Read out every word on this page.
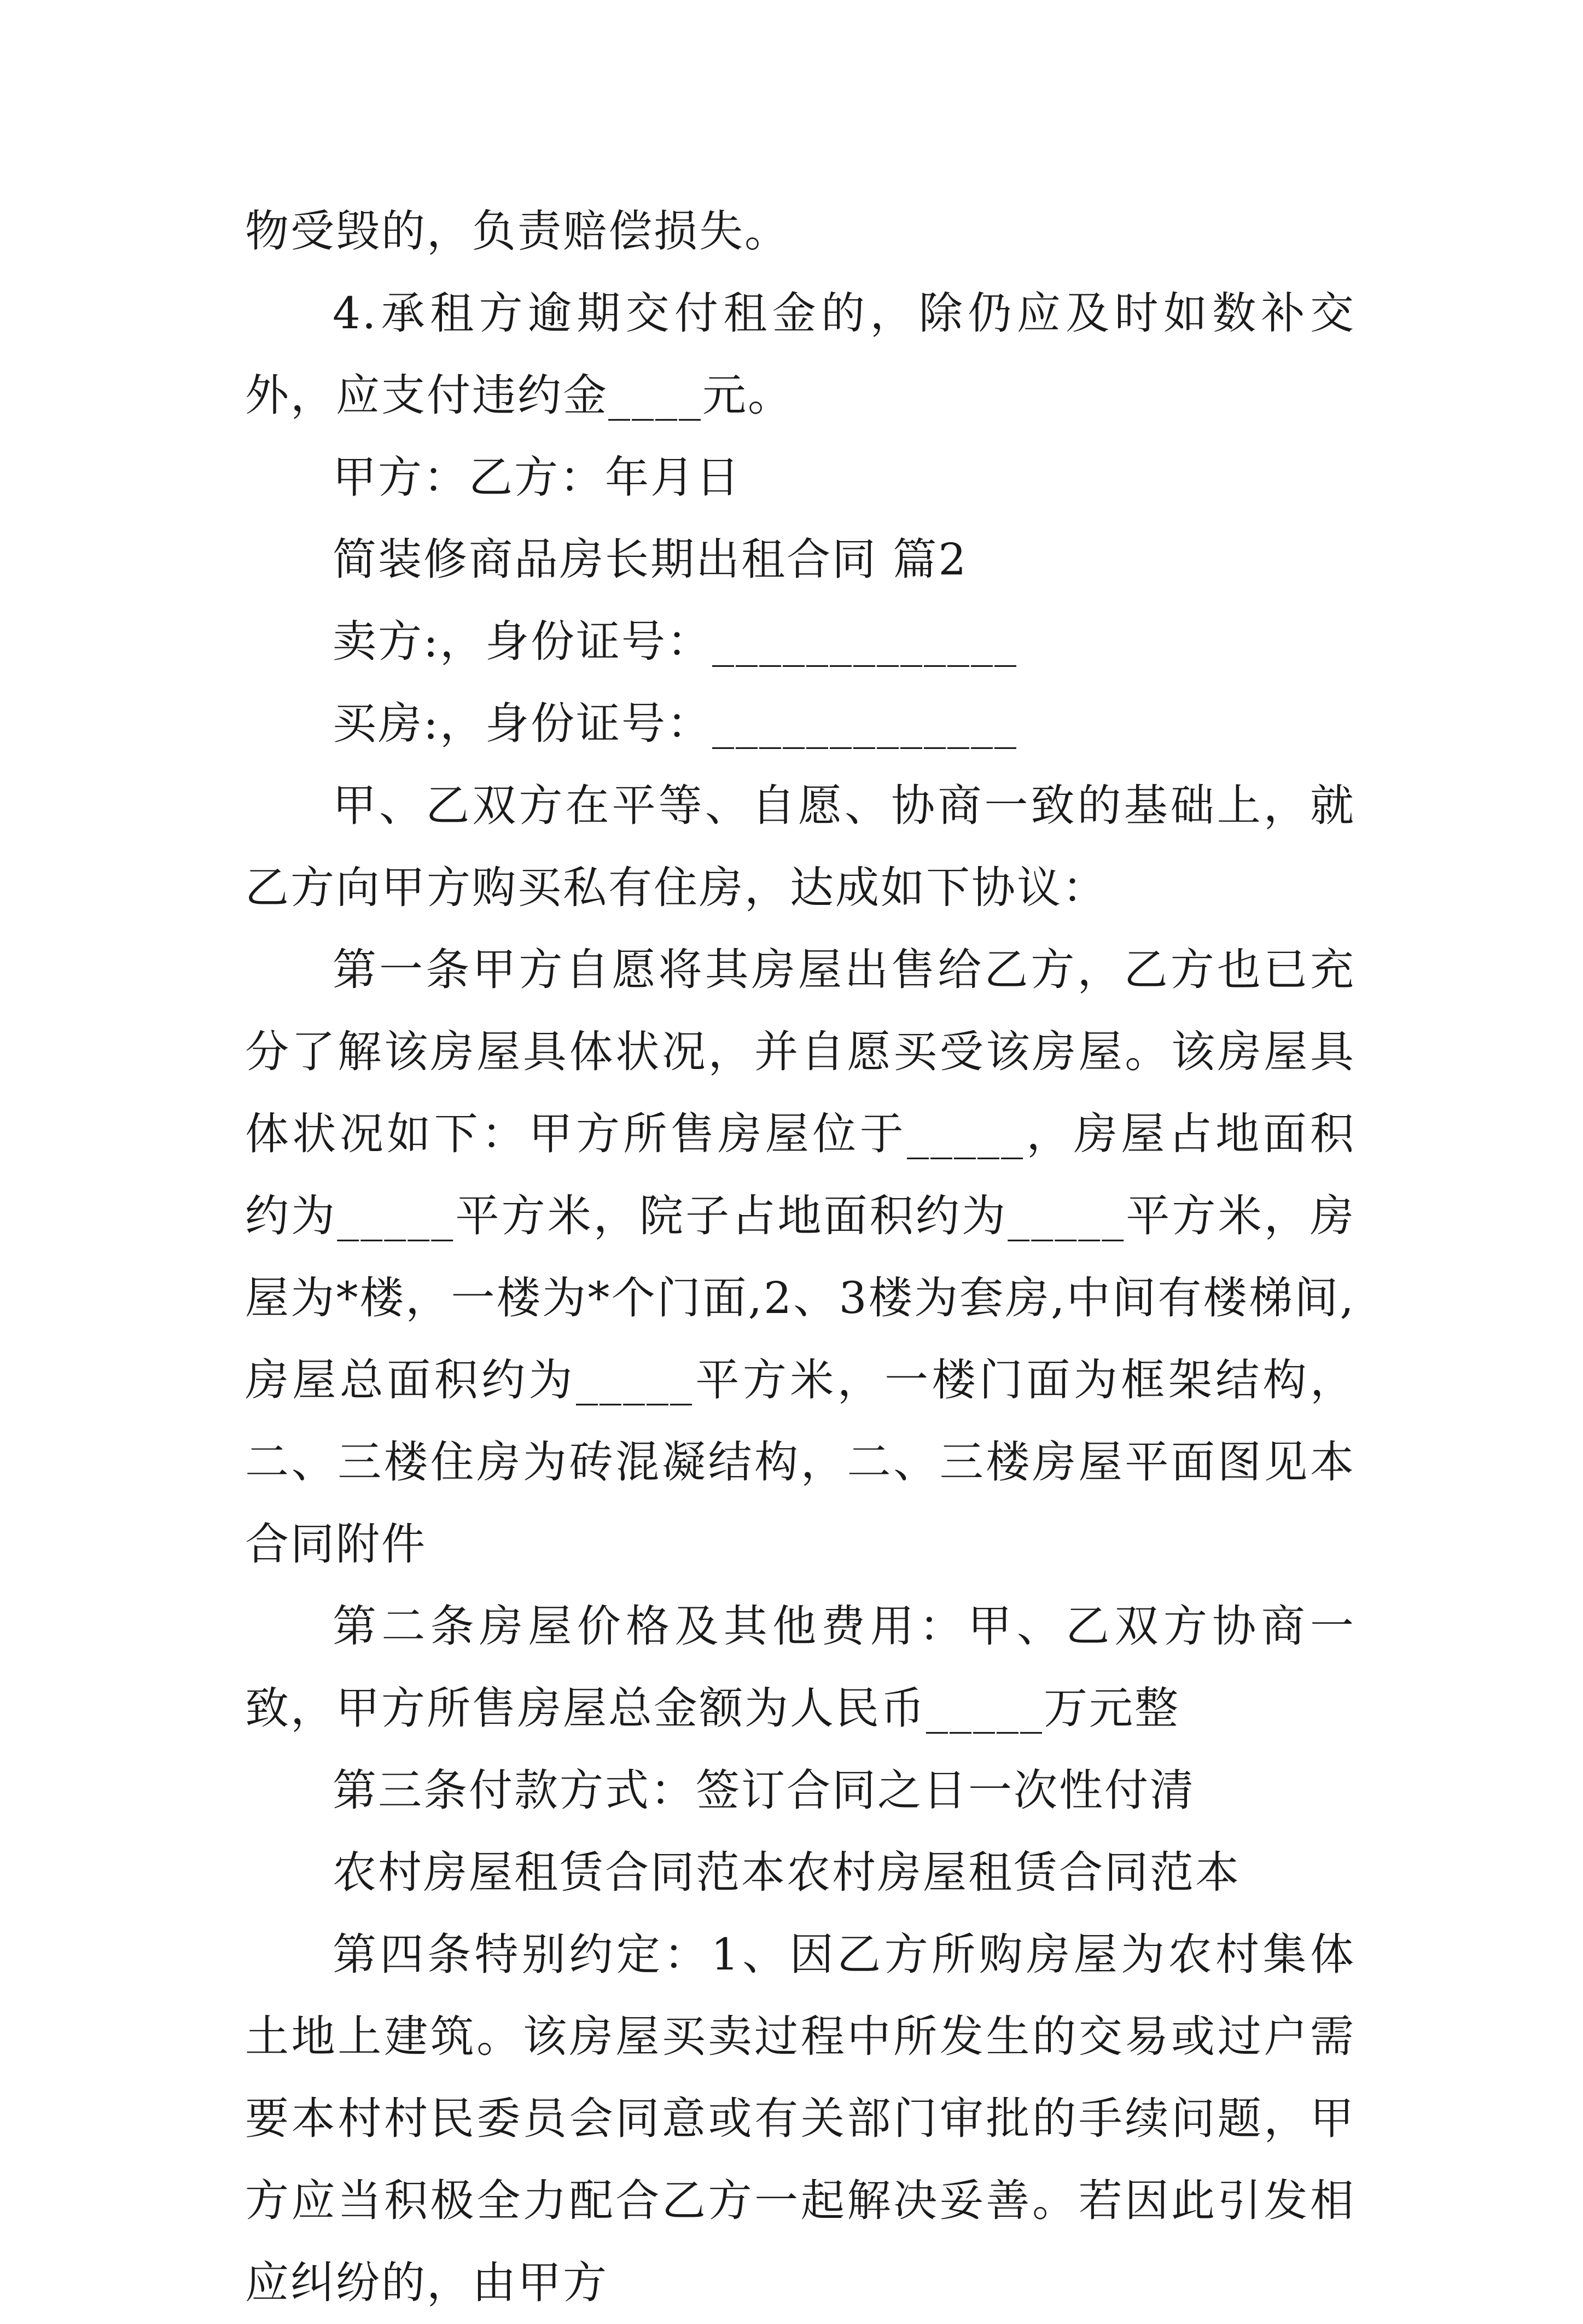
物受毁的，负责赔偿损失。

4.承租方逾期交付租金的，除仍应及时如数补交外，应支付违约金____元。

甲方：乙方：年月日

简装修商品房长期出租合同 篇2

卖方:，身份证号：_____________

买房:，身份证号：_____________

甲、乙双方在平等、自愿、协商一致的基础上，就乙方向甲方购买私有住房，达成如下协议：

第一条甲方自愿将其房屋出售给乙方，乙方也已充分了解该房屋具体状况，并自愿买受该房屋。该房屋具体状况如下：甲方所售房屋位于_____，房屋占地面积约为_____平方米，院子占地面积约为_____平方米，房屋为*楼，一楼为*个门面,2、3楼为套房,中间有楼梯间,房屋总面积约为_____平方米，一楼门面为框架结构，二、三楼住房为砖混凝结构，二、三楼房屋平面图见本合同附件

第二条房屋价格及其他费用：甲、乙双方协商一致，甲方所售房屋总金额为人民币_____万元整

第三条付款方式：签订合同之日一次性付清

农村房屋租赁合同范本农村房屋租赁合同范本

第四条特别约定：1、因乙方所购房屋为农村集体土地上建筑。该房屋买卖过程中所发生的交易或过户需要本村村民委员会同意或有关部门审批的手续问题，甲方应当积极全力配合乙方一起解决妥善。若因此引发相应纠纷的，由甲方
